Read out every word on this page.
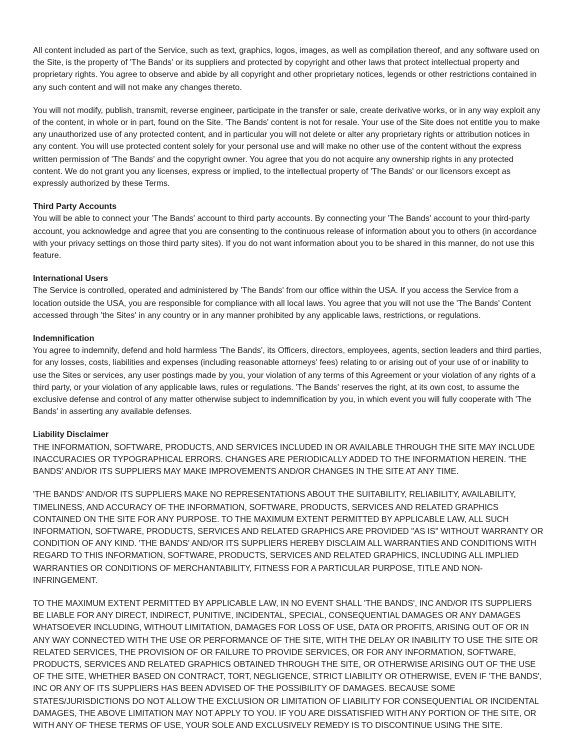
All content included as part of the Service, such as text, graphics, logos, images, as well as compilation thereof, and any software used on the Site, is the property of 'The Bands' or its suppliers and protected by copyright and other laws that protect intellectual property and proprietary rights. You agree to observe and abide by all copyright and other proprietary notices, legends or other restrictions contained in any such content and will not make any changes thereto.

You will not modify, publish, transmit, reverse engineer, participate in the transfer or sale, create derivative works, or in any way exploit any of the content, in whole or in part, found on the Site. 'The Bands' content is not for resale. Your use of the Site does not entitle you to make any unauthorized use of any protected content, and in particular you will not delete or alter any proprietary rights or attribution notices in any content. You will use protected content solely for your personal use and will make no other use of the content without the express written permission of 'The Bands' and the copyright owner. You agree that you do not acquire any ownership rights in any protected content. We do not grant you any licenses, express or implied, to the intellectual property of 'The Bands' or our licensors except as expressly authorized by these Terms.

Third Party Accounts

You will be able to connect your 'The Bands' account to third party accounts. By connecting your 'The Bands' account to your third-party account, you acknowledge and agree that you are consenting to the continuous release of information about you to others (in accordance with your privacy settings on those third party sites). If you do not want information about you to be shared in this manner, do not use this feature.

International Users

The Service is controlled, operated and administered by 'The Bands' from our office within the USA. If you access the Service from a location outside the USA, you are responsible for compliance with all local laws. You agree that you will not use the 'The Bands' Content accessed through 'the Sites' in any country or in any manner prohibited by any applicable laws, restrictions, or regulations.

Indemnification

You agree to indemnify, defend and hold harmless 'The Bands', its Officers, directors, employees, agents, section leaders and third parties, for any losses, costs, liabilities and expenses (including reasonable attorneys' fees) relating to or arising out of your use of or inability to use the Sites or services, any user postings made by you, your violation of any terms of this Agreement or your violation of any rights of a third party, or your violation of any applicable laws, rules or regulations. 'The Bands' reserves the right, at its own cost, to assume the exclusive defense and control of any matter otherwise subject to indemnification by you, in which event you will fully cooperate with 'The Bands' in asserting any available defenses.

Liability Disclaimer

THE INFORMATION, SOFTWARE, PRODUCTS, AND SERVICES INCLUDED IN OR AVAILABLE THROUGH THE SITE MAY INCLUDE INACCURACIES OR TYPOGRAPHICAL ERRORS. CHANGES ARE PERIODICALLY ADDED TO THE INFORMATION HEREIN. 'THE BANDS' AND/OR ITS SUPPLIERS MAY MAKE IMPROVEMENTS AND/OR CHANGES IN THE SITE AT ANY TIME.

'THE BANDS' AND/OR ITS SUPPLIERS MAKE NO REPRESENTATIONS ABOUT THE SUITABILITY, RELIABILITY, AVAILABILITY, TIMELINESS, AND ACCURACY OF THE INFORMATION, SOFTWARE, PRODUCTS, SERVICES AND RELATED GRAPHICS CONTAINED ON THE SITE FOR ANY PURPOSE. TO THE MAXIMUM EXTENT PERMITTED BY APPLICABLE LAW, ALL SUCH INFORMATION, SOFTWARE, PRODUCTS, SERVICES AND RELATED GRAPHICS ARE PROVIDED "AS IS" WITHOUT WARRANTY OR CONDITION OF ANY KIND. 'THE BANDS' AND/OR ITS SUPPLIERS HEREBY DISCLAIM ALL WARRANTIES AND CONDITIONS WITH REGARD TO THIS INFORMATION, SOFTWARE, PRODUCTS, SERVICES AND RELATED GRAPHICS, INCLUDING ALL IMPLIED WARRANTIES OR CONDITIONS OF MERCHANTABILITY, FITNESS FOR A PARTICULAR PURPOSE, TITLE AND NON-INFRINGEMENT.

TO THE MAXIMUM EXTENT PERMITTED BY APPLICABLE LAW, IN NO EVENT SHALL 'THE BANDS', INC AND/OR ITS SUPPLIERS BE LIABLE FOR ANY DIRECT, INDIRECT, PUNITIVE, INCIDENTAL, SPECIAL, CONSEQUENTIAL DAMAGES OR ANY DAMAGES WHATSOEVER INCLUDING, WITHOUT LIMITATION, DAMAGES FOR LOSS OF USE, DATA OR PROFITS, ARISING OUT OF OR IN ANY WAY CONNECTED WITH THE USE OR PERFORMANCE OF THE SITE, WITH THE DELAY OR INABILITY TO USE THE SITE OR RELATED SERVICES, THE PROVISION OF OR FAILURE TO PROVIDE SERVICES, OR FOR ANY INFORMATION, SOFTWARE, PRODUCTS, SERVICES AND RELATED GRAPHICS OBTAINED THROUGH THE SITE, OR OTHERWISE ARISING OUT OF THE USE OF THE SITE, WHETHER BASED ON CONTRACT, TORT, NEGLIGENCE, STRICT LIABILITY OR OTHERWISE, EVEN IF 'THE BANDS', INC OR ANY OF ITS SUPPLIERS HAS BEEN ADVISED OF THE POSSIBILITY OF DAMAGES. BECAUSE SOME STATES/JURISDICTIONS DO NOT ALLOW THE EXCLUSION OR LIMITATION OF LIABILITY FOR CONSEQUENTIAL OR INCIDENTAL DAMAGES, THE ABOVE LIMITATION MAY NOT APPLY TO YOU. IF YOU ARE DISSATISFIED WITH ANY PORTION OF THE SITE, OR WITH ANY OF THESE TERMS OF USE, YOUR SOLE AND EXCLUSIVELY REMEDY IS TO DISCONTINUE USING THE SITE.
